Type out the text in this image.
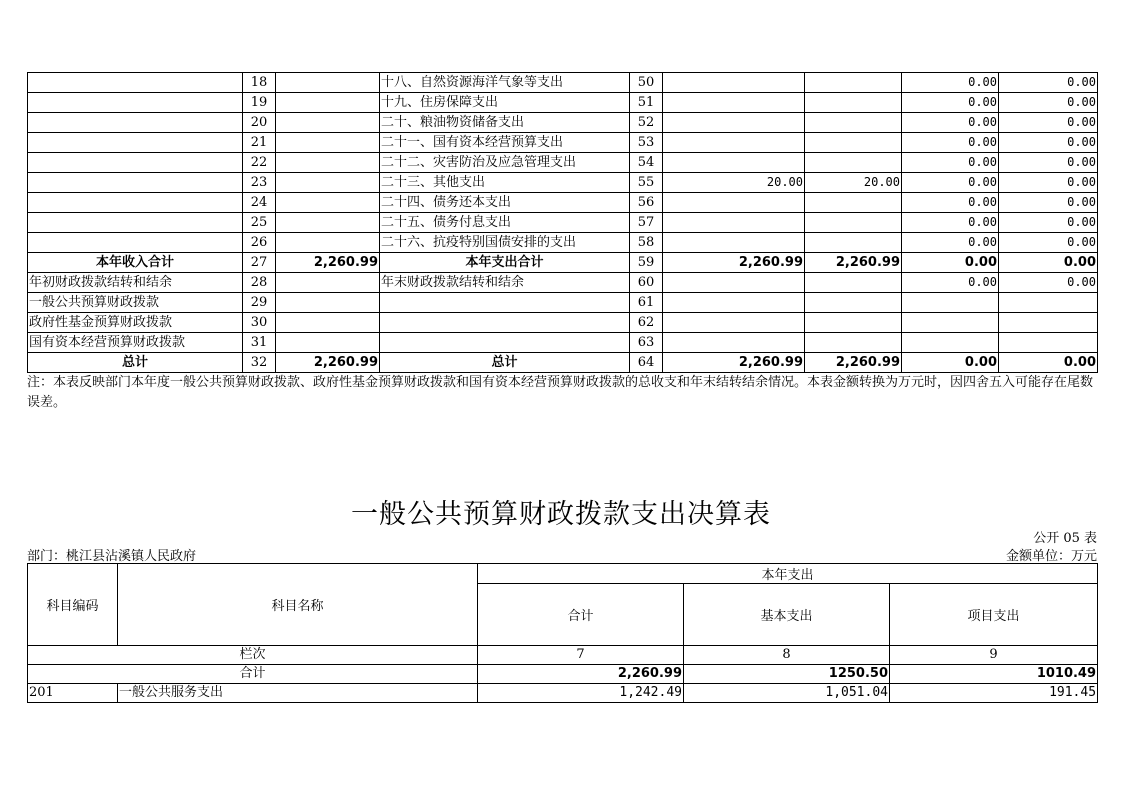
	18		十八、自然资源海洋气象等支出	50			0.00	0.00
	19		十九、住房保障支出	51			0.00	0.00
	20		二十、粮油物资储备支出	52			0.00	0.00
	21		二十一、国有资本经营预算支出	53			0.00	0.00
	22		二十二、灾害防治及应急管理支出	54			0.00	0.00
	23		二十三、其他支出	55	20.00	20.00	0.00	0.00
	24		二十四、债务还本支出	56			0.00	0.00
	25		二十五、债务付息支出	57			0.00	0.00
	26		二十六、抗疫特别国债安排的支出	58			0.00	0.00
本年收入合计	27	2,260.99	本年支出合计	59	2,260.99	2,260.99	0.00	0.00
年初财政拨款结转和结余	28		年末财政拨款结转和结余	60			0.00	0.00
一般公共预算财政拨款	29			61				
政府性基金预算财政拨款	30			62				
国有资本经营预算财政拨款	31			63				
总计	32	2,260.99	总计	64	2,260.99	2,260.99	0.00	0.00

注：本表反映部门本年度一般公共预算财政拨款、政府性基金预算财政拨款和国有资本经营预算财政拨款的总收支和年末结转结余情况。本表金额转换为万元时，因四舍五入可能存在尾数误差。

一般公共预算财政拨款支出决算表
公开 05 表
部门：桃江县沾溪镇人民政府	金额单位：万元
科目编码	科目名称	本年支出		
		合计	基本支出	项目支出
栏次		7	8	9
合计		2,260.99	1250.50	1010.49
201	一般公共服务支出	1,242.49	1,051.04	191.45
